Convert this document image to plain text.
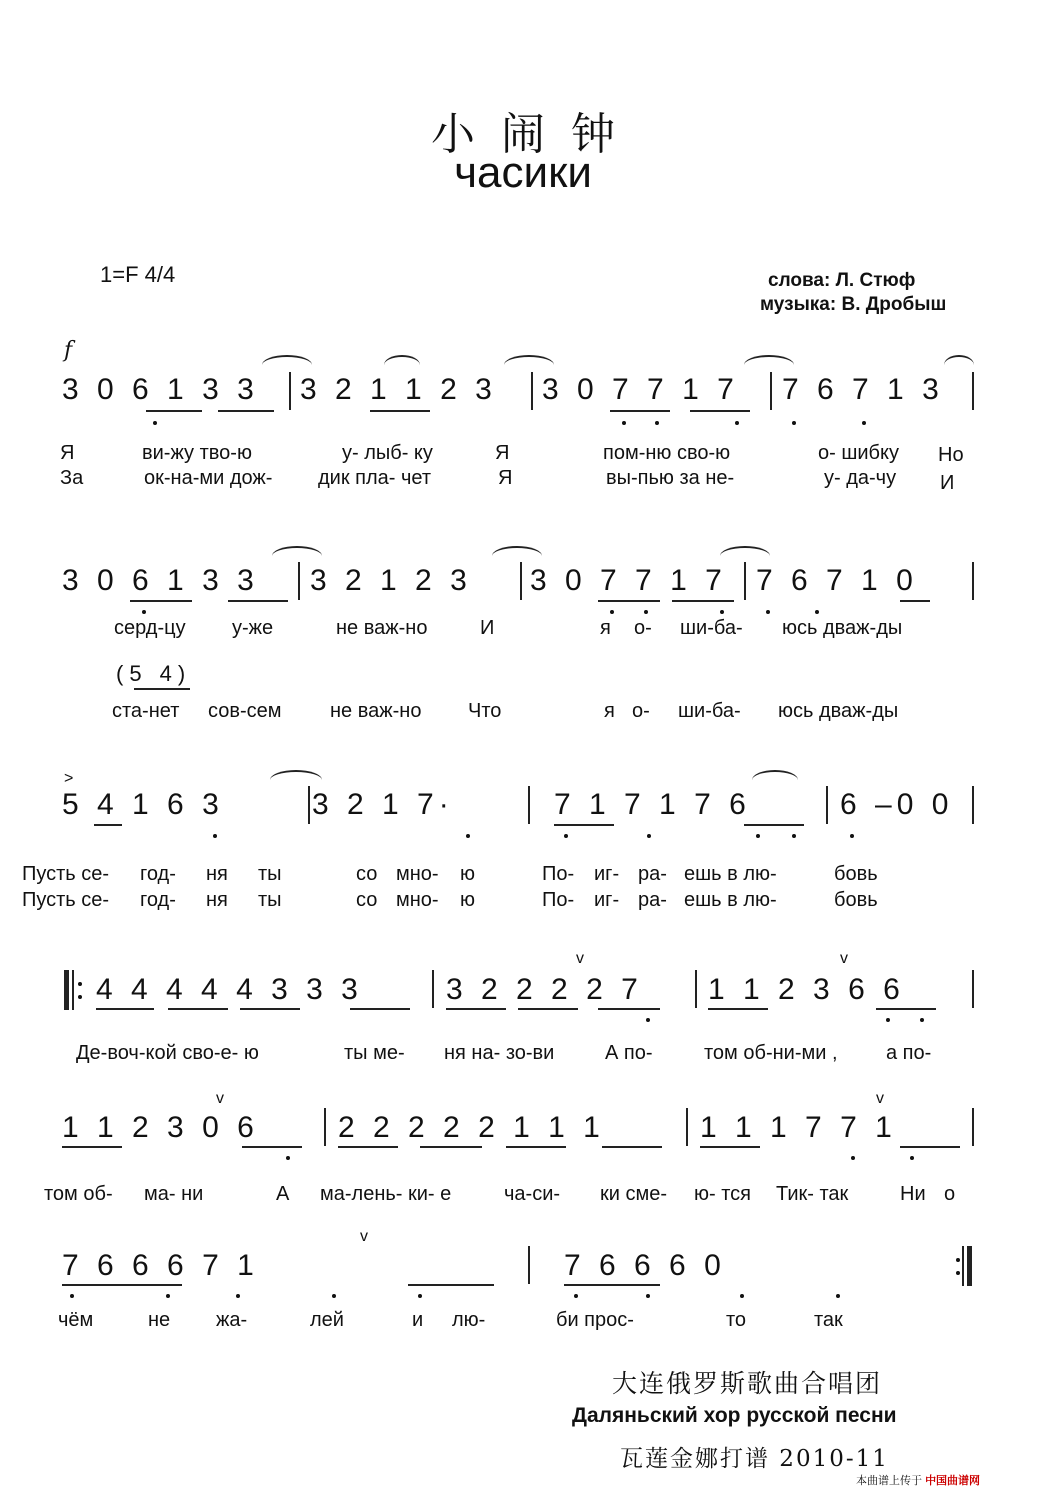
小闹钟
часики
1=F 4/4	слова: Л. Стюф
музыка: В. Дробыш
f
3 0 6 1 3 3 3 2 1 1 2 3 3 0 7 7 1 7 7 6 7 1 3
Я	ви-жу тво-ю	у- лыб- ку	Я	пом-ню сво-ю	о- шибку Но
За	ок-на-ми дож- дик пла- чет	Я	вы-пью за не-	у- да-чу И
3 0 6 1 3 3 3 2 1 2 3 3 0 7 7 1 7 7 6 7 1 0
серд-цу у-же	не важ-но	И	я о- ши-ба- юсь дваж-ды
(5 4)
ста-нет сов-сем не важ-но Что	я о- ши-ба- юсь дваж-ды
>
5 4 1 6 3	3 2 1 7·	7 1 7 1 7 6	6 –0 0
Пусть се- год- ня ты	со мно- ю	По- иг- ра- ешь в лю-	бовь
Пусть се- год- ня ты	со мно- ю	По- иг- ра- ешь в лю-	бовь
4 4 4 4 4 3 3 3	3 2 2 2 2 7 1 1 2 3 6 6
v	v
Де-воч-кой сво-е- ю	ты ме- ня на- зо-ви	А по-	том об-ни-ми , а по-
1 1 2 3 0 6	2 2 2 2 2 1 1 1	1 1 1 7 7 1
v	v
том об- ма- ни	А ма-лень- ки- е	ча-си- ки сме- ю- тся Тик- так	Ни о
7 6 6 6 7 1	7 6 6 6 0
v
чём	не жа-	лей	и лю-	би прос-	то	так
大连俄罗斯歌曲合唱团
Даляньский хор русской песни
瓦莲金娜打谱 2010-11
本曲谱上传于 中国曲谱网
